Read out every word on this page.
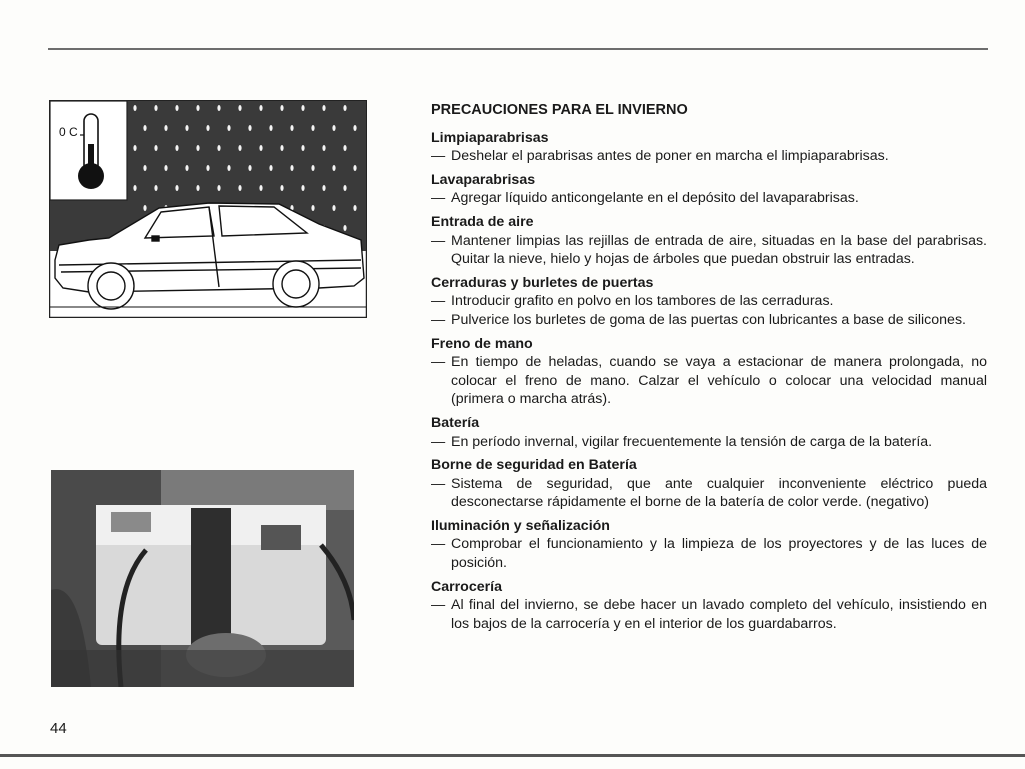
0 C
PRECAUCIONES PARA EL INVIERNO
Limpiaparabrisas
— Deshelar el parabrisas antes de poner en marcha el limpiaparabrisas.
Lavaparabrisas
— Agregar líquido anticongelante en el depósito del lavaparabrisas.
Entrada de aire
— Mantener limpias las rejillas de entrada de aire, situadas en la base del parabrisas. Quitar la nieve, hielo y hojas de árboles que puedan obstruir las entradas.
Cerraduras y burletes de puertas
— Introducir grafito en polvo en los tambores de las cerraduras.
— Pulverice los burletes de goma de las puertas con lubricantes a base de silicones.
Freno de mano
— En tiempo de heladas, cuando se vaya a estacionar de manera prolongada, no colocar el freno de mano. Calzar el vehículo o colocar una velocidad manual (primera o marcha atrás).
Batería
— En período invernal, vigilar frecuentemente la tensión de carga de la batería.
Borne de seguridad en Batería
— Sistema de seguridad, que ante cualquier inconveniente eléctrico pueda desconectarse rápidamente el borne de la batería de color verde. (negativo)
Iluminación y señalización
— Comprobar el funcionamiento y la limpieza de los proyectores y de las luces de posición.
Carrocería
— Al final del invierno, se debe hacer un lavado completo del vehículo, insistiendo en los bajos de la carrocería y en el interior de los guardabarros.
44
